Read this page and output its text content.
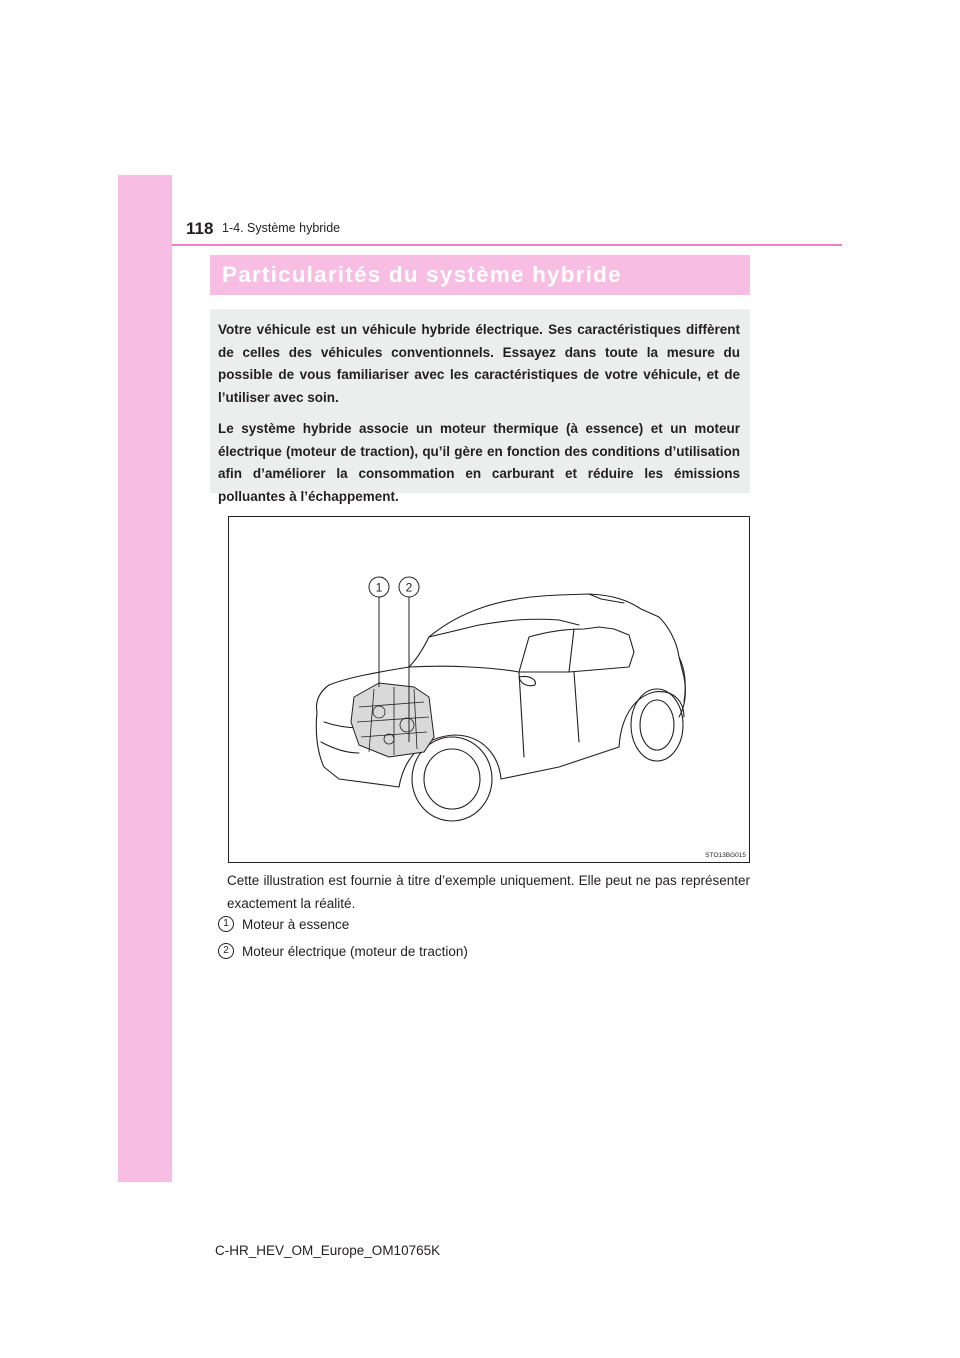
118 1-4. Système hybride
Particularités du système hybride

Votre véhicule est un véhicule hybride électrique. Ses caractéristiques diffèrent de celles des véhicules conventionnels. Essayez dans toute la mesure du possible de vous familiariser avec les caractéristiques de votre véhicule, et de l’utiliser avec soin.

Le système hybride associe un moteur thermique (à essence) et un moteur électrique (moteur de traction), qu’il gère en fonction des conditions d’utilisation afin d’améliorer la consommation en carburant et réduire les émissions polluantes à l’échappement.

1 2
STO13BG015

Cette illustration est fournie à titre d’exemple uniquement. Elle peut ne pas représenter exactement la réalité.

1 Moteur à essence
2 Moteur électrique (moteur de traction)
C-HR_HEV_OM_Europe_OM10765K
